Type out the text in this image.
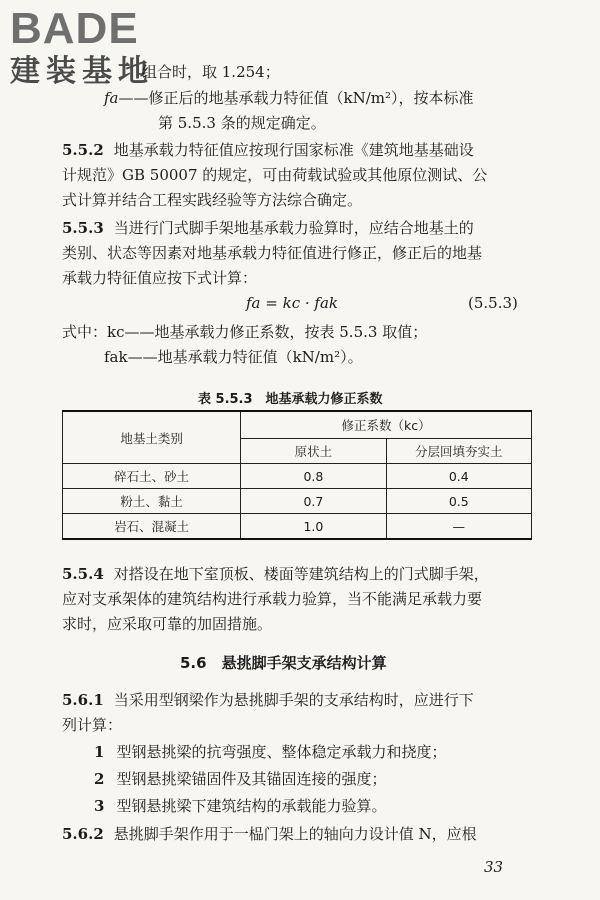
BADE
建装基地
组合时，取 1.254；
fa——修正后的地基承载力特征值（kN/m²），按本标准
第 5.5.3 条的规定确定。
5.5.2 地基承载力特征值应按现行国家标准《建筑地基基础设
计规范》GB 50007 的规定，可由荷载试验或其他原位测试、公
式计算并结合工程实践经验等方法综合确定。
5.5.3 当进行门式脚手架地基承载力验算时，应结合地基土的
类别、状态等因素对地基承载力特征值进行修正，修正后的地基
承载力特征值应按下式计算：
fa = kc · fak	(5.5.3)
式中：kc——地基承载力修正系数，按表 5.5.3 取值；
fak——地基承载力特征值（kN/m²）。
表 5.5.3　地基承载力修正系数
地基土类别	修正系数（kc）	
	原状土	分层回填夯实土
碎石土、砂土	0.8	0.4
粉土、黏土	0.7	0.5
岩石、混凝土	1.0	—
5.5.4 对搭设在地下室顶板、楼面等建筑结构上的门式脚手架，
应对支承架体的建筑结构进行承载力验算，当不能满足承载力要
求时，应采取可靠的加固措施。
5.6　悬挑脚手架支承结构计算
5.6.1 当采用型钢梁作为悬挑脚手架的支承结构时，应进行下
列计算：
1 型钢悬挑梁的抗弯强度、整体稳定承载力和挠度；
2 型钢悬挑梁锚固件及其锚固连接的强度；
3 型钢悬挑梁下建筑结构的承载能力验算。
5.6.2 悬挑脚手架作用于一榀门架上的轴向力设计值 N，应根
33
